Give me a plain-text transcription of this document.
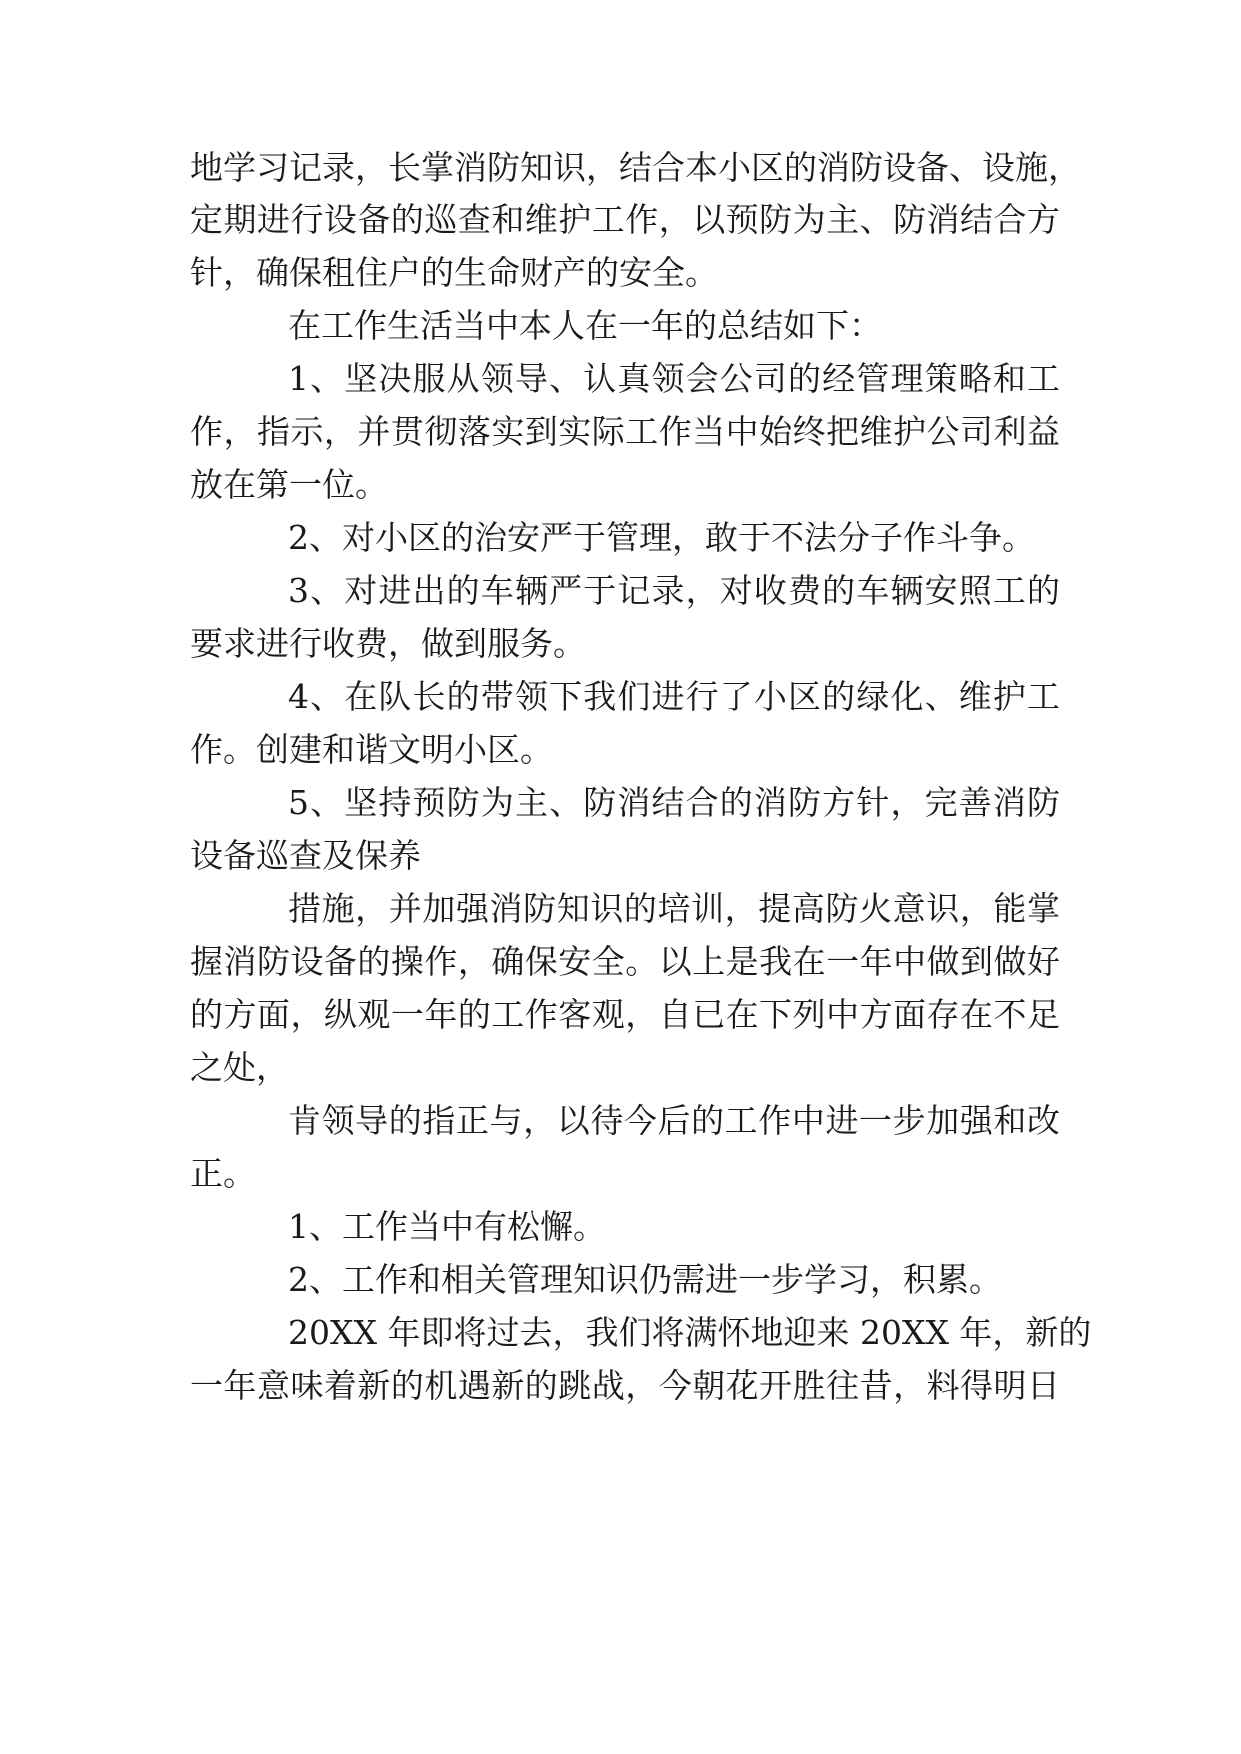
地学习记录，长掌消防知识，结合本小区的消防设备、设施，
定期进行设备的巡查和维护工作，以预防为主、防消结合方
针，确保租住户的生命财产的安全。
在工作生活当中本人在一年的总结如下：
1、坚决服从领导、认真领会公司的经管理策略和工
作，指示，并贯彻落实到实际工作当中始终把维护公司利益
放在第一位。
2、对小区的治安严于管理，敢于不法分子作斗争。
3、对进出的车辆严于记录，对收费的车辆安照工的
要求进行收费，做到服务。
4、在队长的带领下我们进行了小区的绿化、维护工
作。创建和谐文明小区。
5、坚持预防为主、防消结合的消防方针，完善消防
设备巡查及保养
措施，并加强消防知识的培训，提高防火意识，能掌
握消防设备的操作，确保安全。以上是我在一年中做到做好
的方面，纵观一年的工作客观，自已在下列中方面存在不足
之处，
肯领导的指正与，以待今后的工作中进一步加强和改
正。
1、工作当中有松懈。
2、工作和相关管理知识仍需进一步学习，积累。
20XX 年即将过去，我们将满怀地迎来 20XX 年，新的
一年意味着新的机遇新的跳战，今朝花开胜往昔，料得明日
